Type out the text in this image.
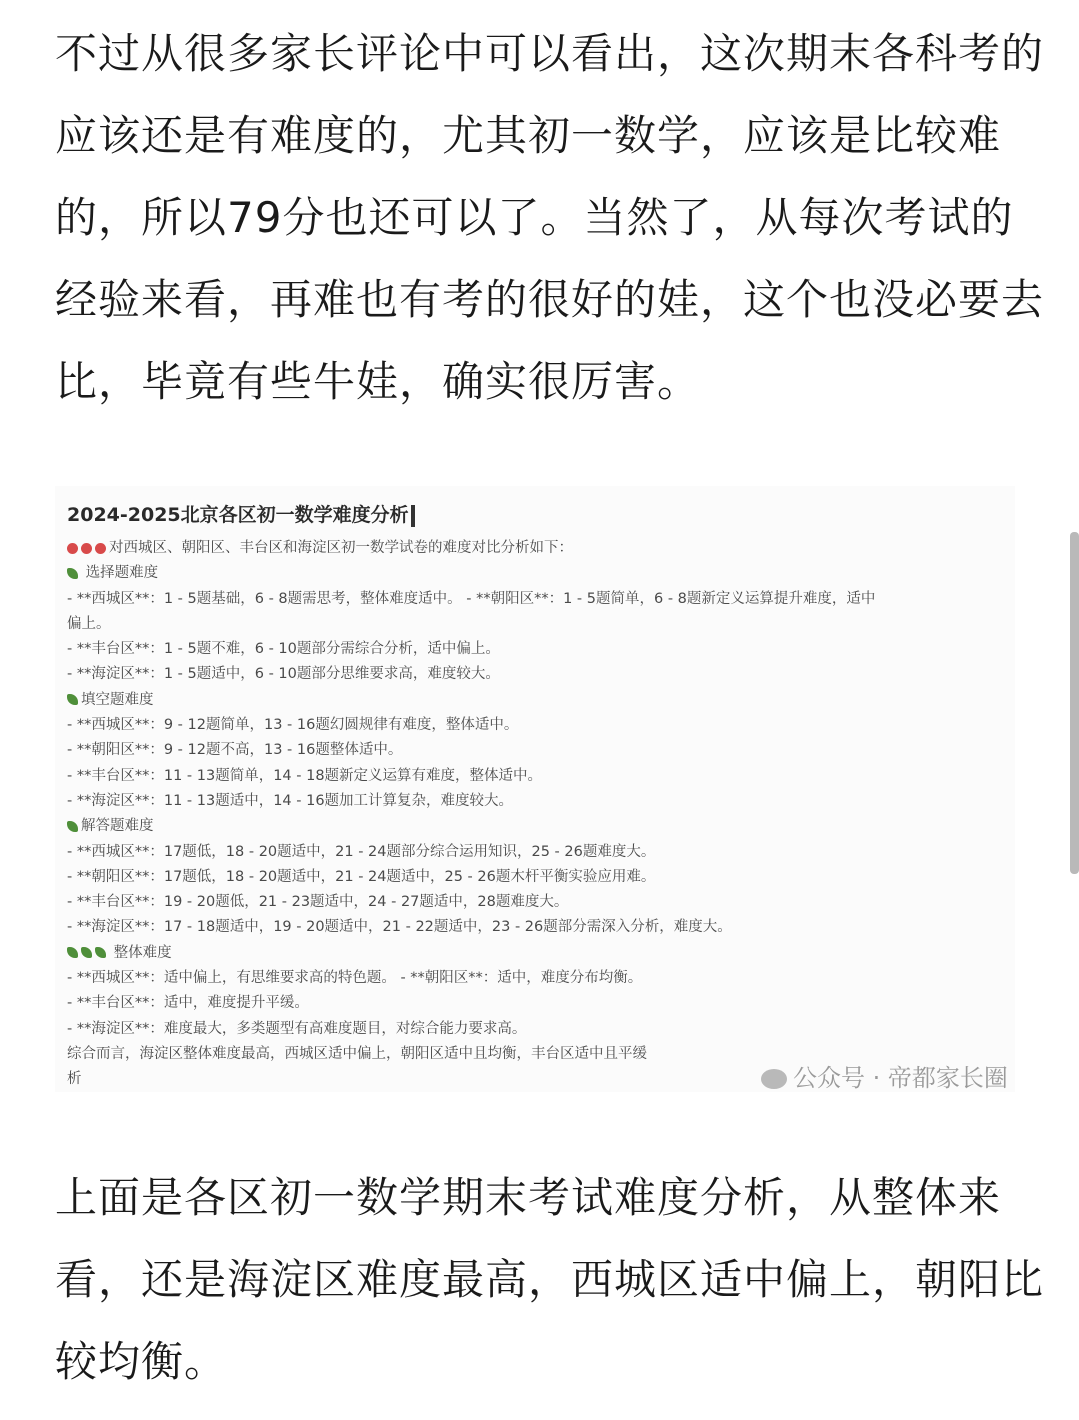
不过从很多家长评论中可以看出，这次期末各科考的应该还是有难度的，尤其初一数学，应该是比较难的，所以79分也还可以了。当然了，从每次考试的经验来看，再难也有考的很好的娃，这个也没必要去比，毕竟有些牛娃，确实很厉害。

2024-2025北京各区初一数学难度分析

对西城区、朝阳区、丰台区和海淀区初一数学试卷的难度对比分析如下：
选择题难度
- **西城区**：1 - 5题基础，6 - 8题需思考，整体难度适中。 - **朝阳区**：1 - 5题简单，6 - 8题新定义运算提升难度，适中
偏上。
- **丰台区**：1 - 5题不难，6 - 10题部分需综合分析，适中偏上。
- **海淀区**：1 - 5题适中，6 - 10题部分思维要求高，难度较大。
填空题难度
- **西城区**：9 - 12题简单，13 - 16题幻圆规律有难度，整体适中。
- **朝阳区**：9 - 12题不高，13 - 16题整体适中。
- **丰台区**：11 - 13题简单，14 - 18题新定义运算有难度，整体适中。
- **海淀区**：11 - 13题适中，14 - 16题加工计算复杂，难度较大。
解答题难度
- **西城区**：17题低，18 - 20题适中，21 - 24题部分综合运用知识，25 - 26题难度大。
- **朝阳区**：17题低，18 - 20题适中，21 - 24题适中，25 - 26题木杆平衡实验应用难。
- **丰台区**：19 - 20题低，21 - 23题适中，24 - 27题适中，28题难度大。
- **海淀区**：17 - 18题适中，19 - 20题适中，21 - 22题适中，23 - 26题部分需深入分析，难度大。
整体难度
- **西城区**：适中偏上，有思维要求高的特色题。 - **朝阳区**：适中，难度分布均衡。
- **丰台区**：适中，难度提升平缓。
- **海淀区**：难度最大，多类题型有高难度题目，对综合能力要求高。
综合而言，海淀区整体难度最高，西城区适中偏上，朝阳区适中且均衡，丰台区适中且平缓
析	公众号 · 帝都家长圈

上面是各区初一数学期末考试难度分析，从整体来看，还是海淀区难度最高，西城区适中偏上，朝阳比较均衡。
